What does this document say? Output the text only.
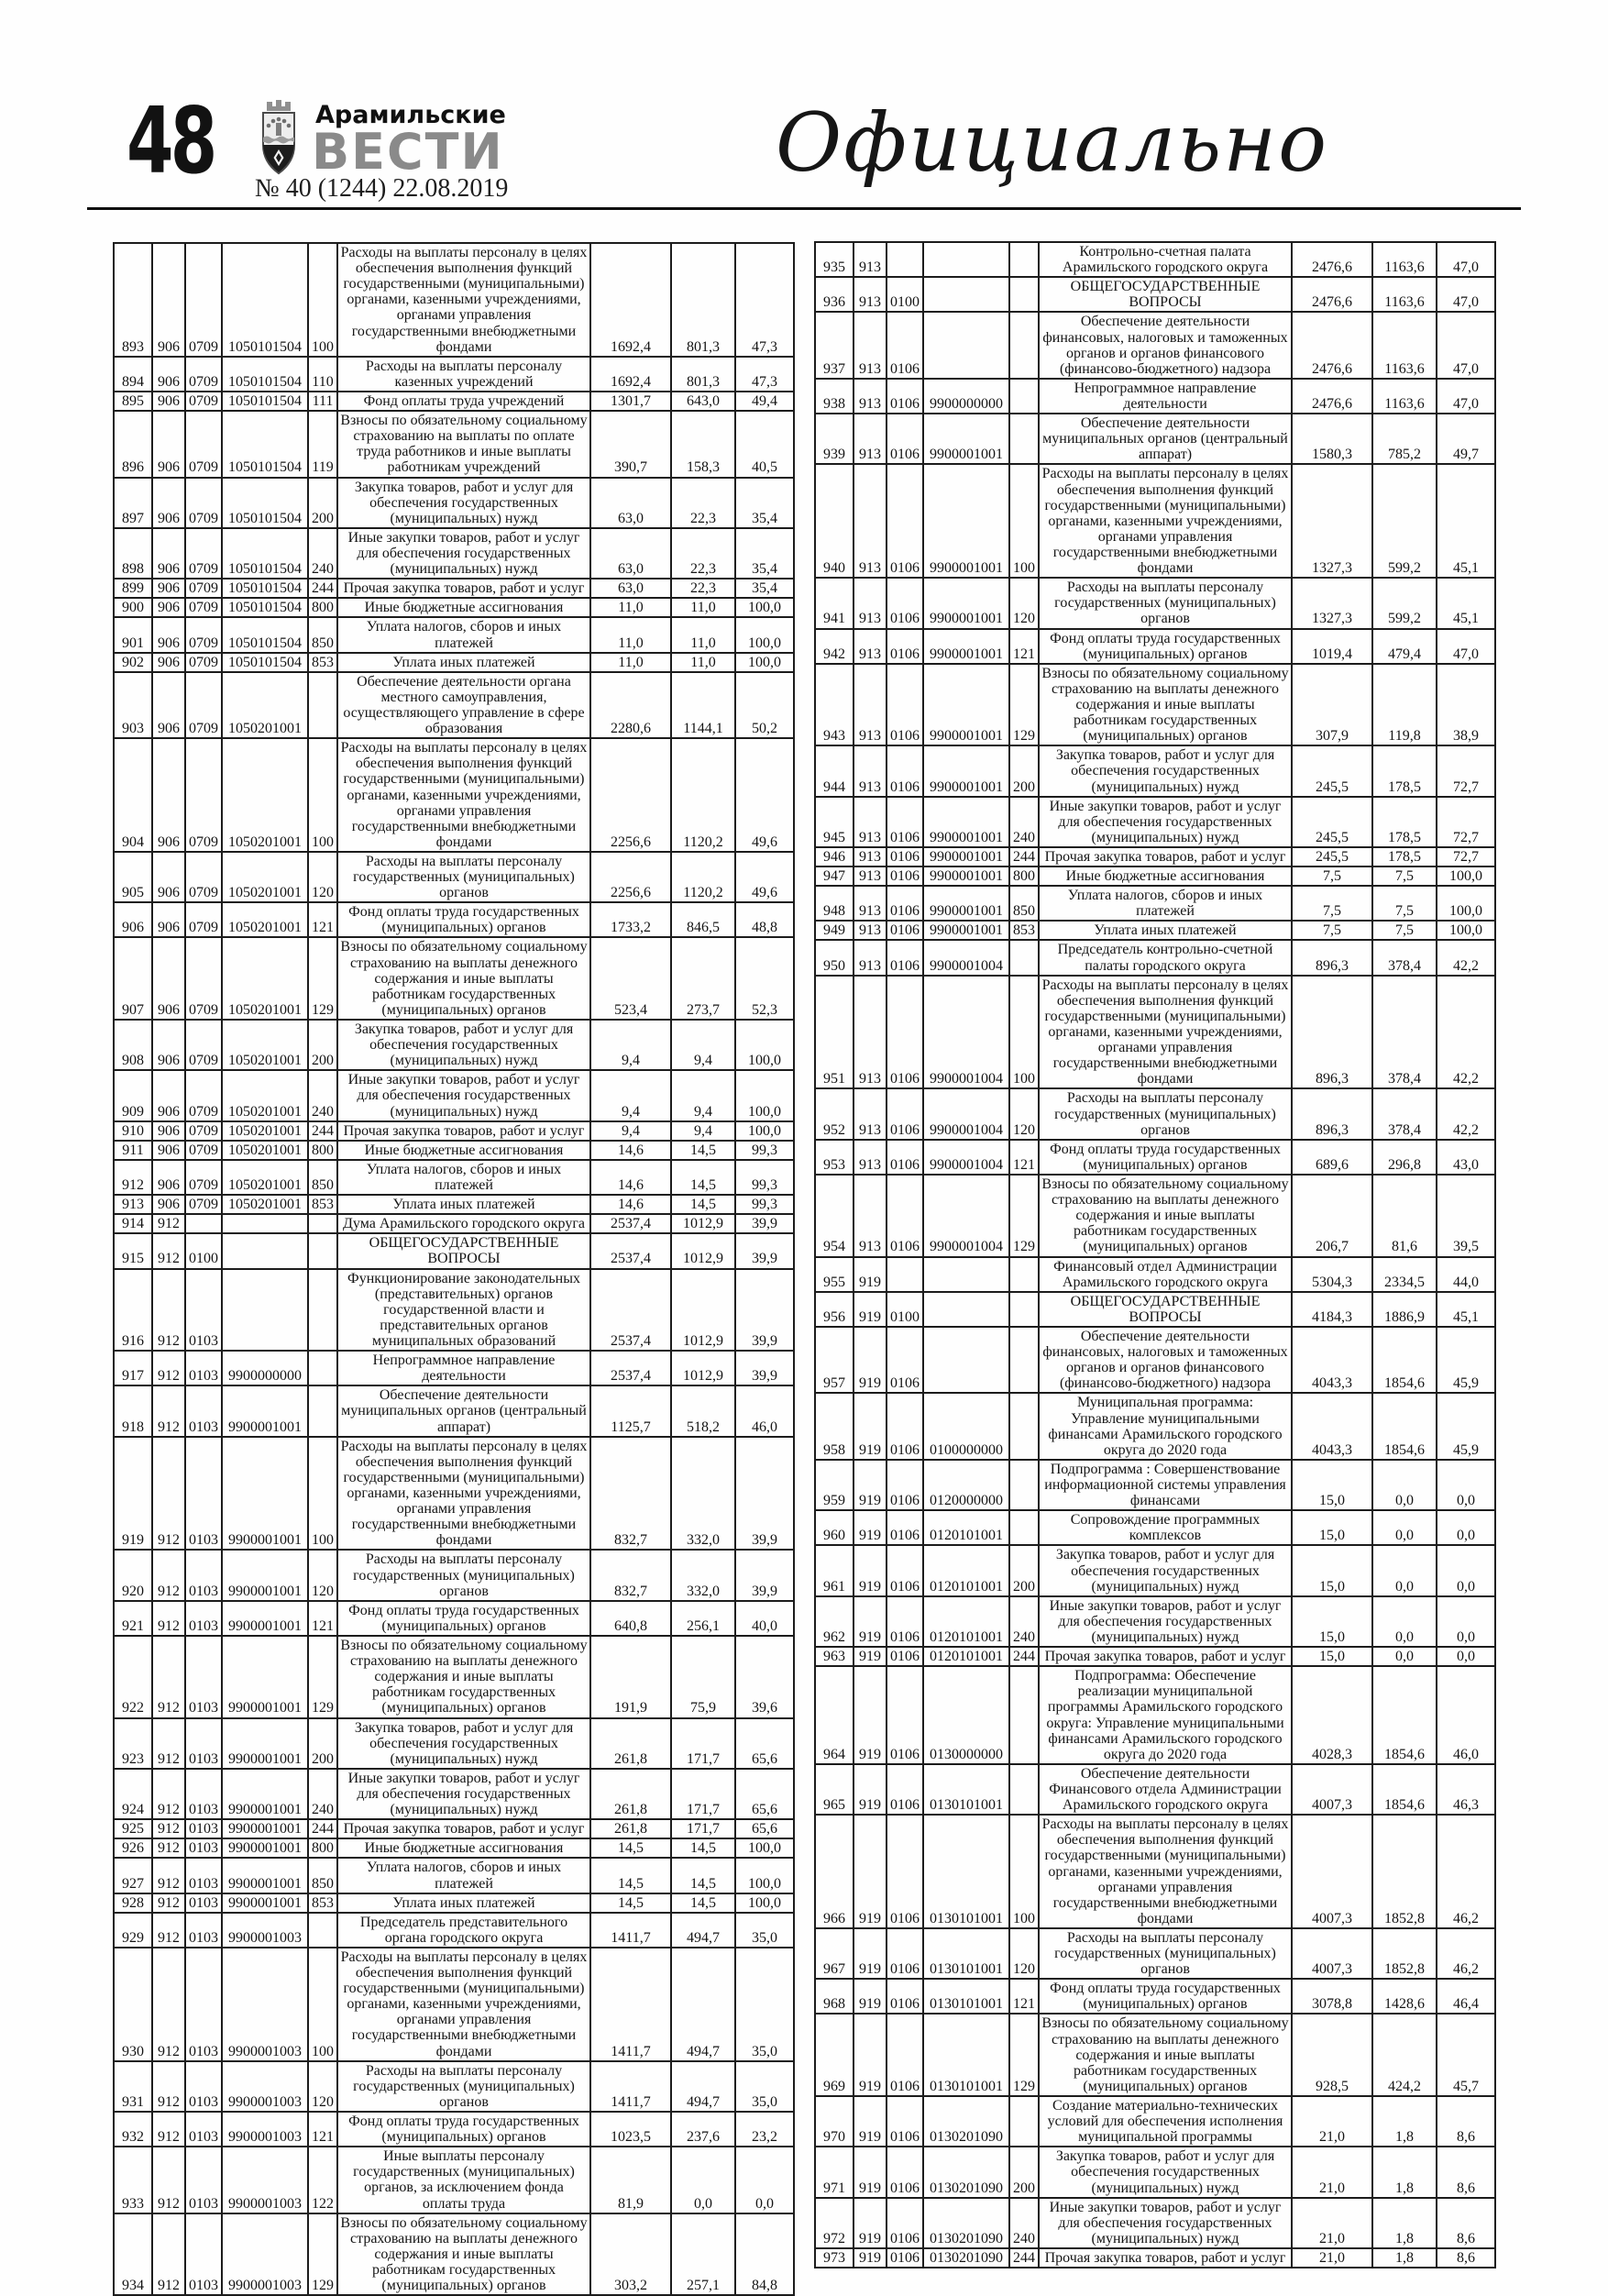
48	Арамильские
ВЕСТИ
№ 40 (1244) 22.08.2019	Официально
893	906	0709	1050101504	100	Расходы на выплаты персоналу в целях обеспечения выполнения функций государственными (муниципальными) органами, казенными учреждениями, органами управления государственными внебюджетными фондами	1692,4	801,3	47,3
894	906	0709	1050101504	110	Расходы на выплаты персоналу казенных учреждений	1692,4	801,3	47,3
895	906	0709	1050101504	111	Фонд оплаты труда учреждений	1301,7	643,0	49,4
896	906	0709	1050101504	119	Взносы по обязательному социальному страхованию на выплаты по оплате труда работников и иные выплаты работникам учреждений	390,7	158,3	40,5
897	906	0709	1050101504	200	Закупка товаров, работ и услуг для обеспечения государственных (муниципальных) нужд	63,0	22,3	35,4
898	906	0709	1050101504	240	Иные закупки товаров, работ и услуг для обеспечения государственных (муниципальных) нужд	63,0	22,3	35,4
899	906	0709	1050101504	244	Прочая закупка товаров, работ и услуг	63,0	22,3	35,4
900	906	0709	1050101504	800	Иные бюджетные ассигнования	11,0	11,0	100,0
901	906	0709	1050101504	850	Уплата налогов, сборов и иных платежей	11,0	11,0	100,0
902	906	0709	1050101504	853	Уплата иных платежей	11,0	11,0	100,0
903	906	0709	1050201001		Обеспечение деятельности органа местного самоуправления, осуществляющего управление в сфере образования	2280,6	1144,1	50,2
904	906	0709	1050201001	100	Расходы на выплаты персоналу в целях обеспечения выполнения функций государственными (муниципальными) органами, казенными учреждениями, органами управления государственными внебюджетными фондами	2256,6	1120,2	49,6
905	906	0709	1050201001	120	Расходы на выплаты персоналу государственных (муниципальных) органов	2256,6	1120,2	49,6
906	906	0709	1050201001	121	Фонд оплаты труда государственных (муниципальных) органов	1733,2	846,5	48,8
907	906	0709	1050201001	129	Взносы по обязательному социальному страхованию на выплаты денежного содержания и иные выплаты работникам государственных (муниципальных) органов	523,4	273,7	52,3
908	906	0709	1050201001	200	Закупка товаров, работ и услуг для обеспечения государственных (муниципальных) нужд	9,4	9,4	100,0
909	906	0709	1050201001	240	Иные закупки товаров, работ и услуг для обеспечения государственных (муниципальных) нужд	9,4	9,4	100,0
910	906	0709	1050201001	244	Прочая закупка товаров, работ и услуг	9,4	9,4	100,0
911	906	0709	1050201001	800	Иные бюджетные ассигнования	14,6	14,5	99,3
912	906	0709	1050201001	850	Уплата налогов, сборов и иных платежей	14,6	14,5	99,3
913	906	0709	1050201001	853	Уплата иных платежей	14,6	14,5	99,3
914	912				Дума Арамильского городского округа	2537,4	1012,9	39,9
915	912	0100			ОБЩЕГОСУДАРСТВЕННЫЕ ВОПРОСЫ	2537,4	1012,9	39,9
916	912	0103			Функционирование законодательных (представительных) органов государственной власти и представительных органов муниципальных образований	2537,4	1012,9	39,9
917	912	0103	9900000000		Непрограммное направление деятельности	2537,4	1012,9	39,9
918	912	0103	9900001001		Обеспечение деятельности муниципальных органов (центральный аппарат)	1125,7	518,2	46,0
919	912	0103	9900001001	100	Расходы на выплаты персоналу в целях обеспечения выполнения функций государственными (муниципальными) органами, казенными учреждениями, органами управления государственными внебюджетными фондами	832,7	332,0	39,9
920	912	0103	9900001001	120	Расходы на выплаты персоналу государственных (муниципальных) органов	832,7	332,0	39,9
921	912	0103	9900001001	121	Фонд оплаты труда государственных (муниципальных) органов	640,8	256,1	40,0
922	912	0103	9900001001	129	Взносы по обязательному социальному страхованию на выплаты денежного содержания и иные выплаты работникам государственных (муниципальных) органов	191,9	75,9	39,6
923	912	0103	9900001001	200	Закупка товаров, работ и услуг для обеспечения государственных (муниципальных) нужд	261,8	171,7	65,6
924	912	0103	9900001001	240	Иные закупки товаров, работ и услуг для обеспечения государственных (муниципальных) нужд	261,8	171,7	65,6
925	912	0103	9900001001	244	Прочая закупка товаров, работ и услуг	261,8	171,7	65,6
926	912	0103	9900001001	800	Иные бюджетные ассигнования	14,5	14,5	100,0
927	912	0103	9900001001	850	Уплата налогов, сборов и иных платежей	14,5	14,5	100,0
928	912	0103	9900001001	853	Уплата иных платежей	14,5	14,5	100,0
929	912	0103	9900001003		Председатель представительного органа городского округа	1411,7	494,7	35,0
930	912	0103	9900001003	100	Расходы на выплаты персоналу в целях обеспечения выполнения функций государственными (муниципальными) органами, казенными учреждениями, органами управления государственными внебюджетными фондами	1411,7	494,7	35,0
931	912	0103	9900001003	120	Расходы на выплаты персоналу государственных (муниципальных) органов	1411,7	494,7	35,0
932	912	0103	9900001003	121	Фонд оплаты труда государственных (муниципальных) органов	1023,5	237,6	23,2
933	912	0103	9900001003	122	Иные выплаты персоналу государственных (муниципальных) органов, за исключением фонда оплаты труда	81,9	0,0	0,0
934	912	0103	9900001003	129	Взносы по обязательному социальному страхованию на выплаты денежного содержания и иные выплаты работникам государственных (муниципальных) органов	303,2	257,1	84,8
935	913				Контрольно-счетная палата Арамильского городского округа	2476,6	1163,6	47,0
936	913	0100			ОБЩЕГОСУДАРСТВЕННЫЕ ВОПРОСЫ	2476,6	1163,6	47,0
937	913	0106			Обеспечение деятельности финансовых, налоговых и таможенных органов и органов финансового (финансово-бюджетного) надзора	2476,6	1163,6	47,0
938	913	0106	9900000000		Непрограммное направление деятельности	2476,6	1163,6	47,0
939	913	0106	9900001001		Обеспечение деятельности муниципальных органов (центральный аппарат)	1580,3	785,2	49,7
940	913	0106	9900001001	100	Расходы на выплаты персоналу в целях обеспечения выполнения функций государственными (муниципальными) органами, казенными учреждениями, органами управления государственными внебюджетными фондами	1327,3	599,2	45,1
941	913	0106	9900001001	120	Расходы на выплаты персоналу государственных (муниципальных) органов	1327,3	599,2	45,1
942	913	0106	9900001001	121	Фонд оплаты труда государственных (муниципальных) органов	1019,4	479,4	47,0
943	913	0106	9900001001	129	Взносы по обязательному социальному страхованию на выплаты денежного содержания и иные выплаты работникам государственных (муниципальных) органов	307,9	119,8	38,9
944	913	0106	9900001001	200	Закупка товаров, работ и услуг для обеспечения государственных (муниципальных) нужд	245,5	178,5	72,7
945	913	0106	9900001001	240	Иные закупки товаров, работ и услуг для обеспечения государственных (муниципальных) нужд	245,5	178,5	72,7
946	913	0106	9900001001	244	Прочая закупка товаров, работ и услуг	245,5	178,5	72,7
947	913	0106	9900001001	800	Иные бюджетные ассигнования	7,5	7,5	100,0
948	913	0106	9900001001	850	Уплата налогов, сборов и иных платежей	7,5	7,5	100,0
949	913	0106	9900001001	853	Уплата иных платежей	7,5	7,5	100,0
950	913	0106	9900001004		Председатель контрольно-счетной палаты городского округа	896,3	378,4	42,2
951	913	0106	9900001004	100	Расходы на выплаты персоналу в целях обеспечения выполнения функций государственными (муниципальными) органами, казенными учреждениями, органами управления государственными внебюджетными фондами	896,3	378,4	42,2
952	913	0106	9900001004	120	Расходы на выплаты персоналу государственных (муниципальных) органов	896,3	378,4	42,2
953	913	0106	9900001004	121	Фонд оплаты труда государственных (муниципальных) органов	689,6	296,8	43,0
954	913	0106	9900001004	129	Взносы по обязательному социальному страхованию на выплаты денежного содержания и иные выплаты работникам государственных (муниципальных) органов	206,7	81,6	39,5
955	919				Финансовый отдел Администрации Арамильского городского округа	5304,3	2334,5	44,0
956	919	0100			ОБЩЕГОСУДАРСТВЕННЫЕ ВОПРОСЫ	4184,3	1886,9	45,1
957	919	0106			Обеспечение деятельности финансовых, налоговых и таможенных органов и органов финансового (финансово-бюджетного) надзора	4043,3	1854,6	45,9
958	919	0106	0100000000		Муниципальная программа: Управление муниципальными финансами Арамильского городского округа до 2020 года	4043,3	1854,6	45,9
959	919	0106	0120000000		Подпрограмма : Совершенствование информационной системы управления финансами	15,0	0,0	0,0
960	919	0106	0120101001		Сопровождение программных комплексов	15,0	0,0	0,0
961	919	0106	0120101001	200	Закупка товаров, работ и услуг для обеспечения государственных (муниципальных) нужд	15,0	0,0	0,0
962	919	0106	0120101001	240	Иные закупки товаров, работ и услуг для обеспечения государственных (муниципальных) нужд	15,0	0,0	0,0
963	919	0106	0120101001	244	Прочая закупка товаров, работ и услуг	15,0	0,0	0,0
964	919	0106	0130000000		Подпрограмма: Обеспечение реализации муниципальной программы Арамильского городского округа: Управление муниципальными финансами Арамильского городского округа до 2020 года	4028,3	1854,6	46,0
965	919	0106	0130101001		Обеспечение деятельности Финансового отдела Администрации Арамильского городского округа	4007,3	1854,6	46,3
966	919	0106	0130101001	100	Расходы на выплаты персоналу в целях обеспечения выполнения функций государственными (муниципальными) органами, казенными учреждениями, органами управления государственными внебюджетными фондами	4007,3	1852,8	46,2
967	919	0106	0130101001	120	Расходы на выплаты персоналу государственных (муниципальных) органов	4007,3	1852,8	46,2
968	919	0106	0130101001	121	Фонд оплаты труда государственных (муниципальных) органов	3078,8	1428,6	46,4
969	919	0106	0130101001	129	Взносы по обязательному социальному страхованию на выплаты денежного содержания и иные выплаты работникам государственных (муниципальных) органов	928,5	424,2	45,7
970	919	0106	0130201090		Создание материально-технических условий для обеспечения исполнения муниципальной программы	21,0	1,8	8,6
971	919	0106	0130201090	200	Закупка товаров, работ и услуг для обеспечения государственных (муниципальных) нужд	21,0	1,8	8,6
972	919	0106	0130201090	240	Иные закупки товаров, работ и услуг для обеспечения государственных (муниципальных) нужд	21,0	1,8	8,6
973	919	0106	0130201090	244	Прочая закупка товаров, работ и услуг	21,0	1,8	8,6
